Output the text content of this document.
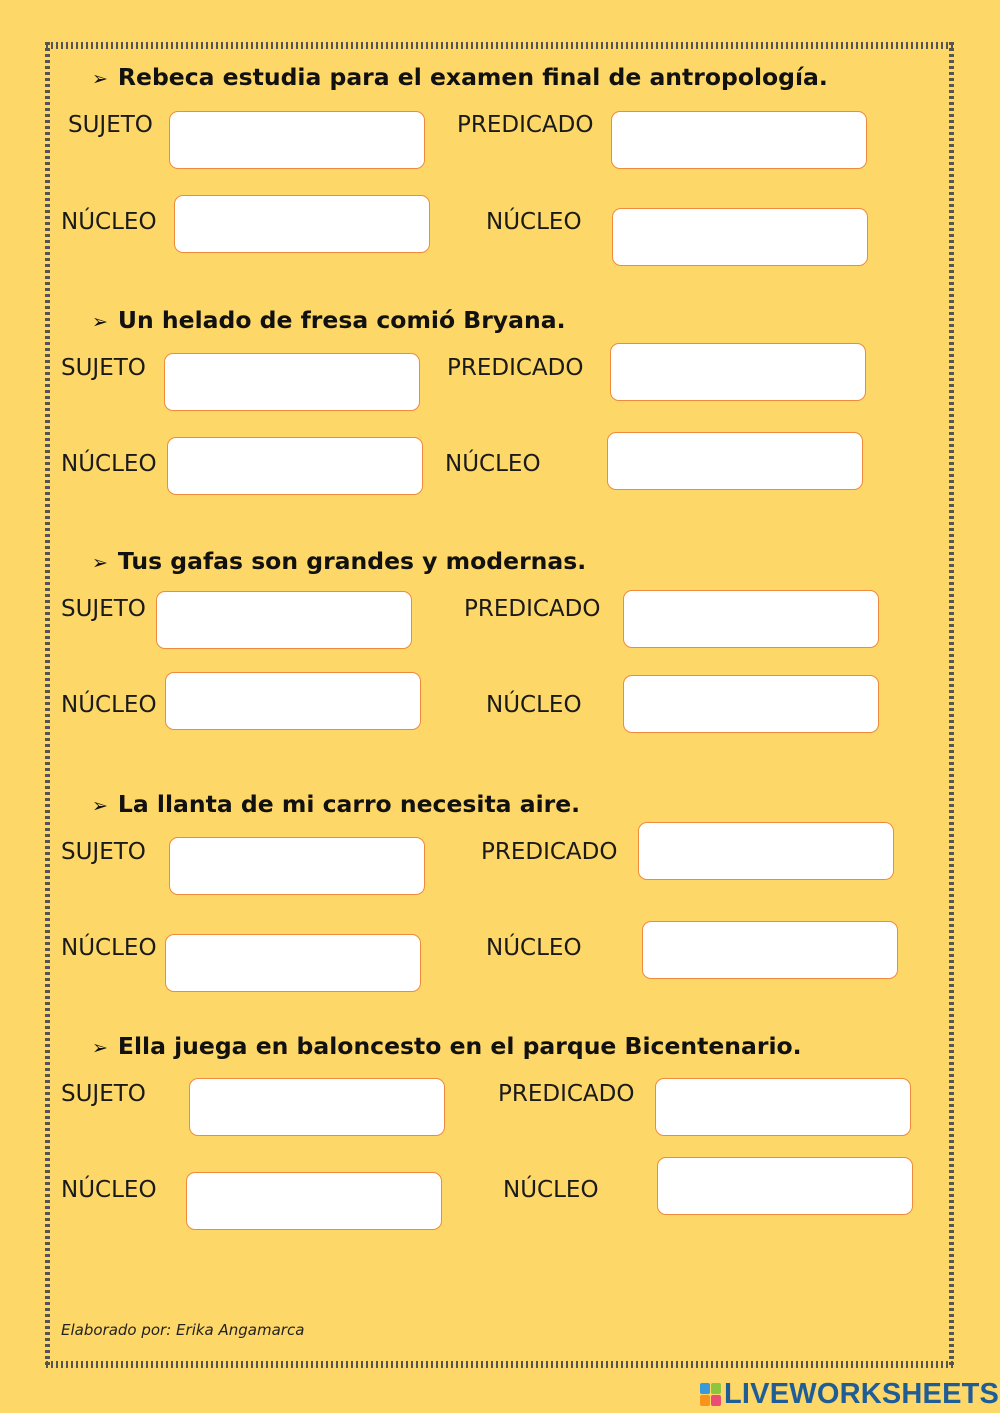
➢ Rebeca estudia para el examen final de antropología.
SUJETO	PREDICADO
NÚCLEO	NÚCLEO
➢ Un helado de fresa comió Bryana.
SUJETO	PREDICADO
NÚCLEO	NÚCLEO
➢ Tus gafas son grandes y modernas.
SUJETO	PREDICADO
NÚCLEO	NÚCLEO
➢ La llanta de mi carro necesita aire.
SUJETO	PREDICADO
NÚCLEO	NÚCLEO
➢ Ella juega en baloncesto en el parque Bicentenario.
SUJETO	PREDICADO
NÚCLEO	NÚCLEO
Elaborado por: Erika Angamarca
LIVEWORKSHEETS
